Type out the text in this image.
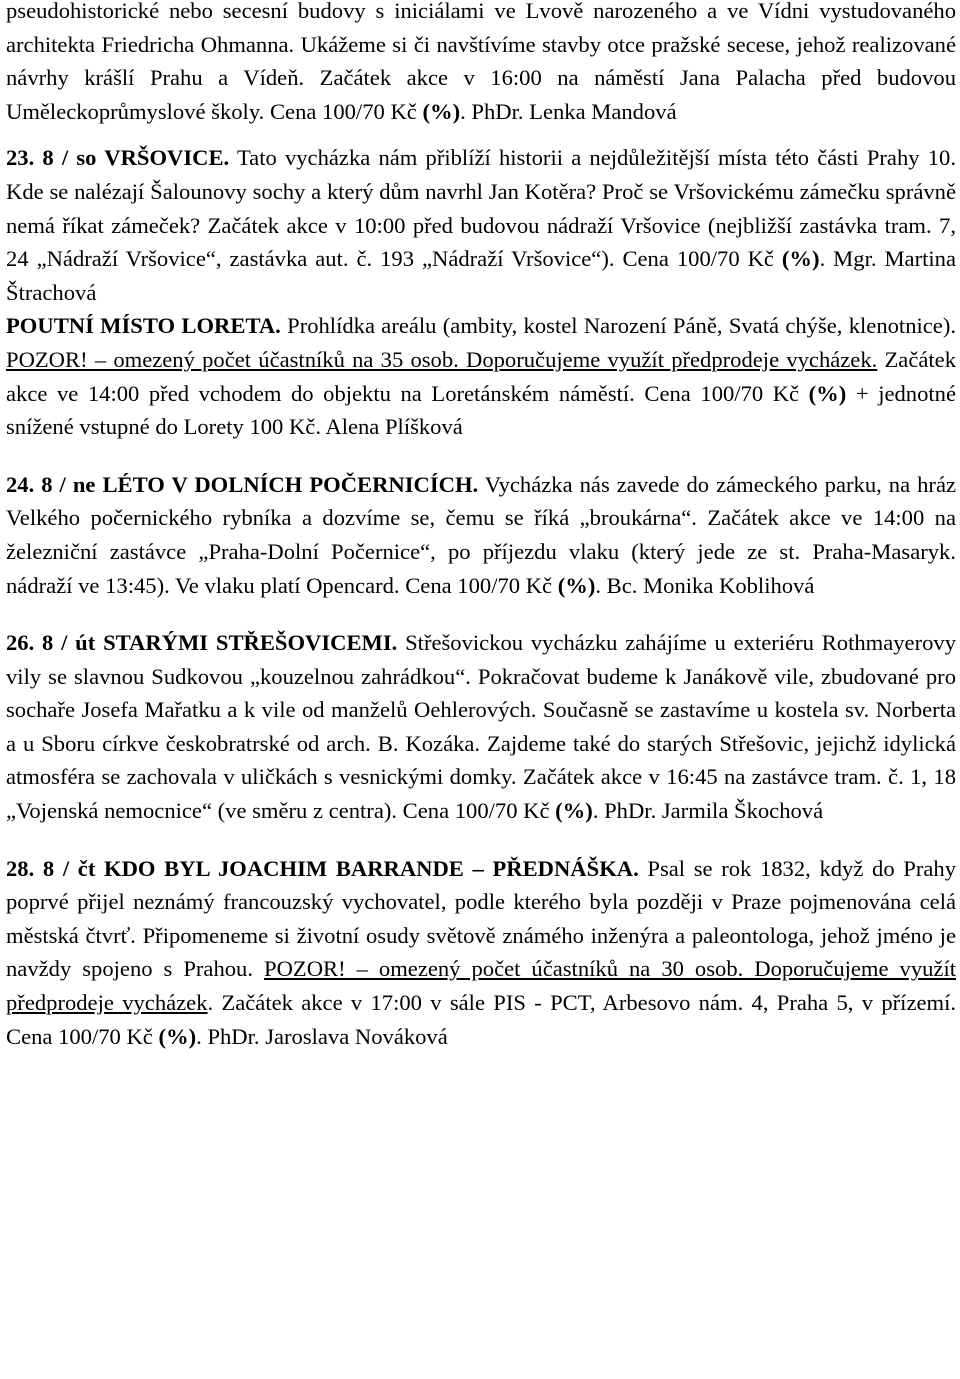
pseudohistorické nebo secesní budovy s iniciálami ve Lvově narozeného a ve Vídni vystudovaného architekta Friedricha Ohmanna. Ukážeme si či navštívíme stavby otce pražské secese, jehož realizované návrhy krášlí Prahu a Vídeň. Začátek akce v 16:00 na náměstí Jana Palacha před budovou Uměleckoprůmyslové školy. Cena 100/70 Kč (%). PhDr. Lenka Mandová

23. 8 / so VRŠOVICE. Tato vycházka nám přiblíží historii a nejdůležitější místa této části Prahy 10. Kde se nalézají Šalounovy sochy a který dům navrhl Jan Kotěra? Proč se Vršovickému zámečku správně nemá říkat zámeček? Začátek akce v 10:00 před budovou nádraží Vršovice (nejbližší zastávka tram. 7, 24 „Nádraží Vršovice“, zastávka aut. č. 193 „Nádraží Vršovice“). Cena 100/70 Kč (%). Mgr. Martina Štrachová

POUTNÍ MÍSTO LORETA. Prohlídka areálu (ambity, kostel Narození Páně, Svatá chýše, klenotnice). POZOR! – omezený počet účastníků na 35 osob. Doporučujeme využít předprodeje vycházek. Začátek akce ve 14:00 před vchodem do objektu na Loretánském náměstí. Cena 100/70 Kč (%) + jednotné snížené vstupné do Lorety 100 Kč. Alena Plíšková

24. 8 / ne LÉTO V DOLNÍCH POČERNICÍCH. Vycházka nás zavede do zámeckého parku, na hráz Velkého počernického rybníka a dozvíme se, čemu se říká „broukárna“. Začátek akce ve 14:00 na železniční zastávce „Praha-Dolní Počernice“, po příjezdu vlaku (který jede ze st. Praha-Masaryk. nádraží ve 13:45). Ve vlaku platí Opencard. Cena 100/70 Kč (%). Bc. Monika Koblihová

26. 8 / út STARÝMI STŘEŠOVICEMI. Střešovickou vycházku zahájíme u exteriéru Rothmayerovy vily se slavnou Sudkovou „kouzelnou zahrádkou“. Pokračovat budeme k Janákově vile, zbudované pro sochaře Josefa Mařatku a k vile od manželů Oehlerových. Současně se zastavíme u kostela sv. Norberta a u Sboru církve českobratrské od arch. B. Kozáka. Zajdeme také do starých Střešovic, jejichž idylická atmosféra se zachovala v uličkách s vesnickými domky. Začátek akce v 16:45 na zastávce tram. č. 1, 18 „Vojenská nemocnice“ (ve směru z centra). Cena 100/70 Kč (%). PhDr. Jarmila Škochová

28. 8 / čt KDO BYL JOACHIM BARRANDE – PŘEDNÁŠKA. Psal se rok 1832, když do Prahy poprvé přijel neznámý francouzský vychovatel, podle kterého byla později v Praze pojmenována celá městská čtvrť. Připomeneme si životní osudy světově známého inženýra a paleontologa, jehož jméno je navždy spojeno s Prahou. POZOR! – omezený počet účastníků na 30 osob. Doporučujeme využít předprodeje vycházek. Začátek akce v 17:00 v sále PIS - PCT, Arbesovo nám. 4, Praha 5, v přízemí. Cena 100/70 Kč (%). PhDr. Jaroslava Nováková
